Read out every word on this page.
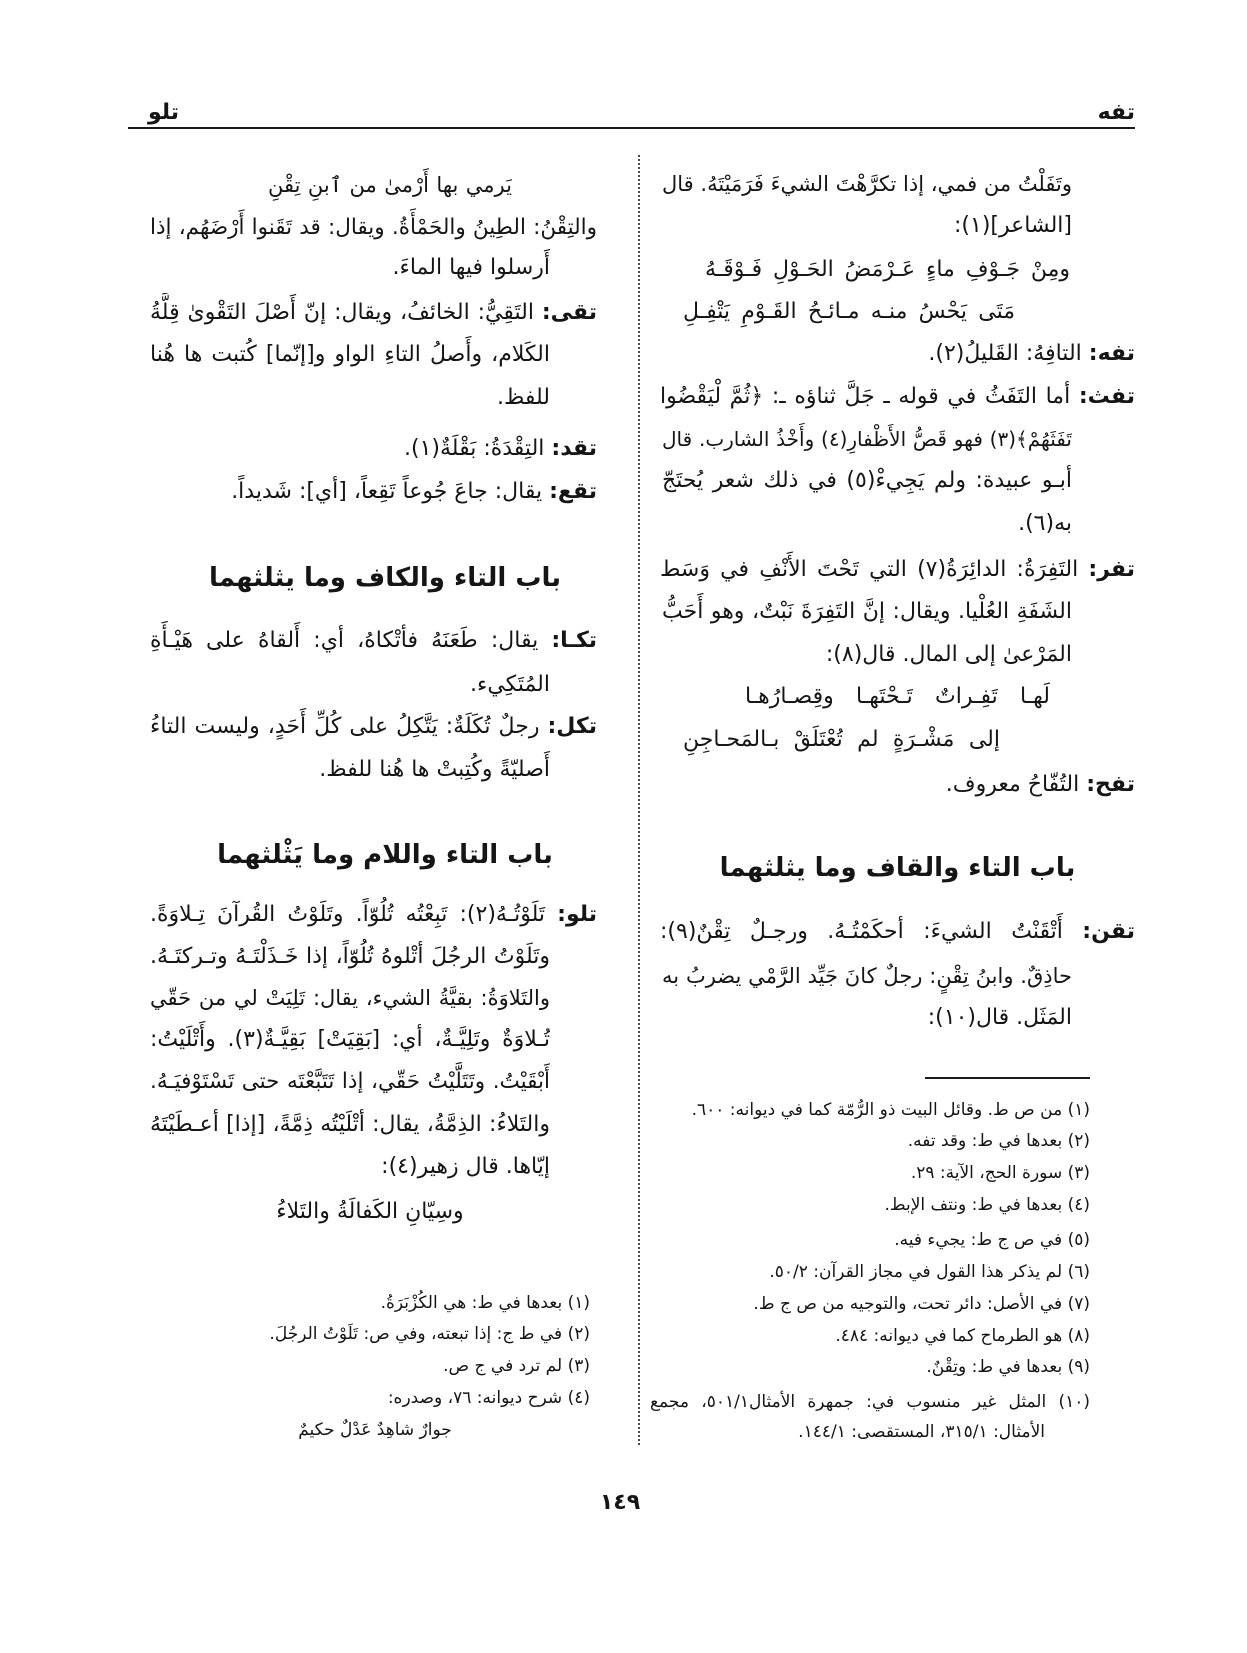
تفه
تلو
وتَفَلْتُ من فمي، إذا تكرَّهْتَ الشيءَ فَرَمَيْتَهُ. قال
[الشاعر](١):
ومِنْ جَـوْفِ ماءٍ عَـرْمَضُ الحَـوْلِ فَـوْقَـهُ
مَتَى يَحْسُ منـه مـائـحُ القَـوْمِ يَتْفِـلِ
تفه: التافِهُ: القَليلُ(٢).
تفث: أما التَفَثُ في قوله ـ جَلَّ ثناؤه ـ: ﴿ثُمَّ لْيَقْضُوا
تَفَثَهُمْ﴾(٣) فهو قَصُّ الأَظْفارِ(٤) وأَخْذُ الشارب. قال
أبـو عبيدة: ولم يَجِيءْ(٥) في ذلك شعر يُحتَجّ
به(٦).
تفر: التَفِرَةُ: الدائِرَةُ(٧) التي تَحْتَ الأَنْفِ في وَسَط
الشَفَةِ العُلْيا. ويقال: إنَّ التَفِرَةَ نَبْتٌ، وهو أَحَبُّ
المَرْعىٰ إلى المال. قال(٨):
لَهـا تَفِـراتٌ تَـحْتَهـا وقِصـارُهـا
إلى مَشْـرَةٍ لم تُعْتَلَقْ بـالمَحـاجِنِ
تفح: التُفّاحُ معروف.
باب التاء والقاف وما يثلثهما
تقن: أَتْقَنْتُ الشيءَ: أحكَمْتُـهُ. ورجـلٌ تِقْنٌ(٩):
حاذِقٌ. وابنُ تِقْنٍ: رجلٌ كانَ جَيِّد الرَّمْي يضربُ به
المَثَل. قال(١٠):
(١) من ص ط. وقائل البيت ذو الرُّمّة كما في ديوانه: ٦٠٠.
(٢) بعدها في ط: وقد تفه.
(٣) سورة الحج، الآية: ٢٩.
(٤) بعدها في ط: ونتف الإبط.
(٥) في ص ج ط: يجيء فيه.
(٦) لم يذكر هذا القول في مجاز القرآن: ٥٠/٢.
(٧) في الأصل: دائر تحت، والتوجيه من ص ج ط.
(٨) هو الطرماح كما في ديوانه: ٤٨٤.
(٩) بعدها في ط: وتِقْنٌ.
(١٠) المثل غير منسوب في: جمهرة الأمثال٥٠١/١، مجمع
الأمثال: ٣١٥/١، المستقصى: ١٤٤/١.
يَرمي بها أَرْمىٰ من ٱبنِ تِقْنِ
والتِقْنُ: الطِينُ والحَمْأَةُ. ويقال: قد تَقَنوا أَرْضَهُم، إذا
أَرسلوا فيها الماءَ.
تقى: التَقِيُّ: الخائفُ، ويقال: إنّ أَصْلَ التَقْوىٰ قِلَّةُ
الكَلام، وأَصلُ التاءِ الواو و[إنّما] كُتبت ها هُنا
للفظ.
تقد: التِقْدَةُ: بَقْلَةٌ(١).
تقع: يقال: جاعَ جُوعاً تَقِعاً، [أي]: شَديداً.
باب التاء والكاف وما يثلثهما
تكـا: يقال: طَعَنَهُ فأتْكاهُ، أي: أَلقاهُ على هَيْـأَةِ
المُتَكِيء.
تكل: رجلٌ تُكَلَةٌ: يَتَّكِلُ على كُلِّ أَحَدٍ، وليست التاءُ
أَصليّةً وكُتِبتْ ها هُنا للفظ.
باب التاء واللام وما يَثْلثهما
تلو: تَلَوْتُـهُ(٢): تَبِعْتُه تُلُوّاً. وتَلَوْتُ القُرآنَ تِـلاوَةً.
وتَلَوْتُ الرجُلَ أتْلوهُ تُلُوّاً، إذا خَـذَلْتَـهُ وتـركتَـهُ.
والتَلاوَةُ: بقيَّةُ الشيء، يقال: تَلِيَتْ لي من حَقّي
تُـلاوَةٌ وتَلِيَّـةٌ، أي: [بَقِيَتْ] بَقِيَّـةٌ(٣). وأَتْلَيْتُ:
أَبْقَيْتُ. وتَتَلَّيْتُ حَقّي، إذا تَتَبَّعْتَه حتى تَسْتَوْفيَـهُ.
والتَلاءُ: الذِمَّةُ، يقال: أتْلَيْتُه ذِمَّةً، [إذا] أعـطَيْتَهُ
إيّاها. قال زهير(٤):
وسِيّانِ الكَفالَةُ والتَلاءُ
(١) بعدها في ط: هي الكُزْبَرَةُ.
(٢) في ط ج: إذا تبعته، وفي ص: تَلَوْتُ الرجُلَ.
(٣) لم ترد في ج ص.
(٤) شرح ديوانه: ٧٦، وصدره:
جوارٌ شاهِدٌ عَدْلٌ حكيمٌ
١٤٩
